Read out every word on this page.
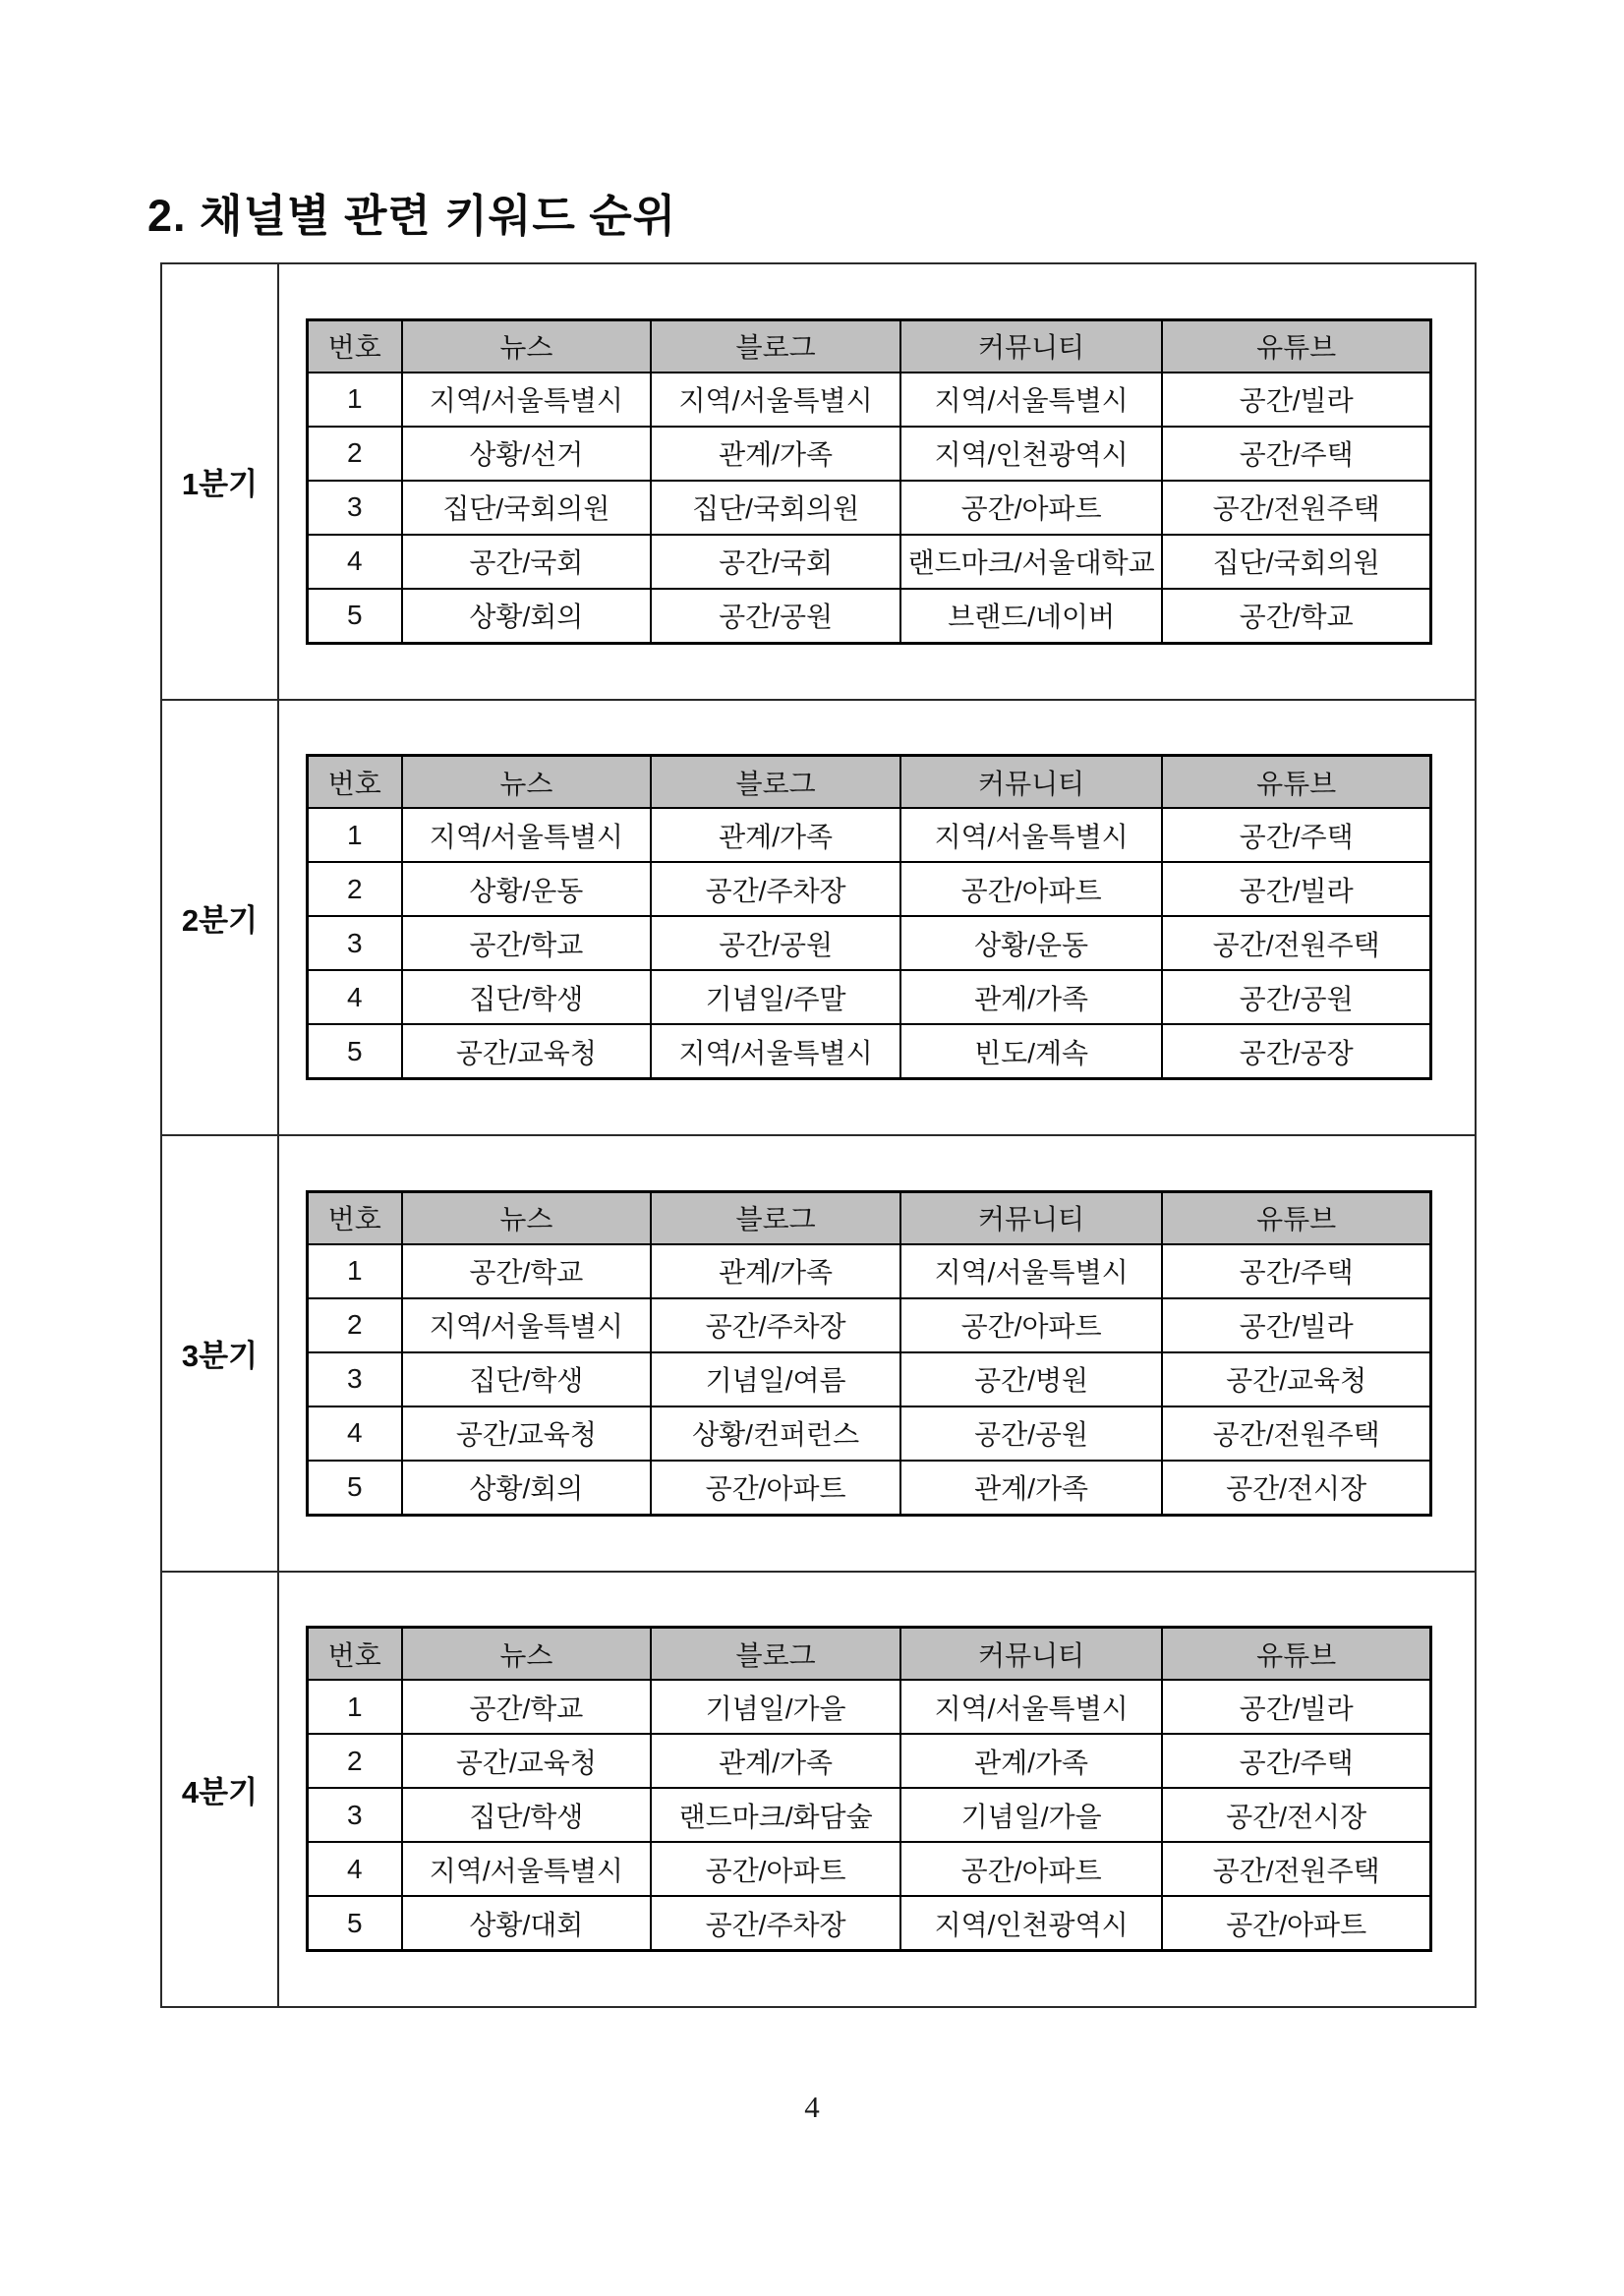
2. 채널별 관련 키워드 순위
1분기
번호	뉴스	블로그	커뮤니티	유튜브
1	지역/서울특별시	지역/서울특별시	지역/서울특별시	공간/빌라
2	상황/선거	관계/가족	지역/인천광역시	공간/주택
3	집단/국회의원	집단/국회의원	공간/아파트	공간/전원주택
4	공간/국회	공간/국회	랜드마크/서울대학교	집단/국회의원
5	상황/회의	공간/공원	브랜드/네이버	공간/학교
2분기
번호	뉴스	블로그	커뮤니티	유튜브
1	지역/서울특별시	관계/가족	지역/서울특별시	공간/주택
2	상황/운동	공간/주차장	공간/아파트	공간/빌라
3	공간/학교	공간/공원	상황/운동	공간/전원주택
4	집단/학생	기념일/주말	관계/가족	공간/공원
5	공간/교육청	지역/서울특별시	빈도/계속	공간/공장
3분기
번호	뉴스	블로그	커뮤니티	유튜브
1	공간/학교	관계/가족	지역/서울특별시	공간/주택
2	지역/서울특별시	공간/주차장	공간/아파트	공간/빌라
3	집단/학생	기념일/여름	공간/병원	공간/교육청
4	공간/교육청	상황/컨퍼런스	공간/공원	공간/전원주택
5	상황/회의	공간/아파트	관계/가족	공간/전시장
4분기
번호	뉴스	블로그	커뮤니티	유튜브
1	공간/학교	기념일/가을	지역/서울특별시	공간/빌라
2	공간/교육청	관계/가족	관계/가족	공간/주택
3	집단/학생	랜드마크/화담숲	기념일/가을	공간/전시장
4	지역/서울특별시	공간/아파트	공간/아파트	공간/전원주택
5	상황/대회	공간/주차장	지역/인천광역시	공간/아파트
4
